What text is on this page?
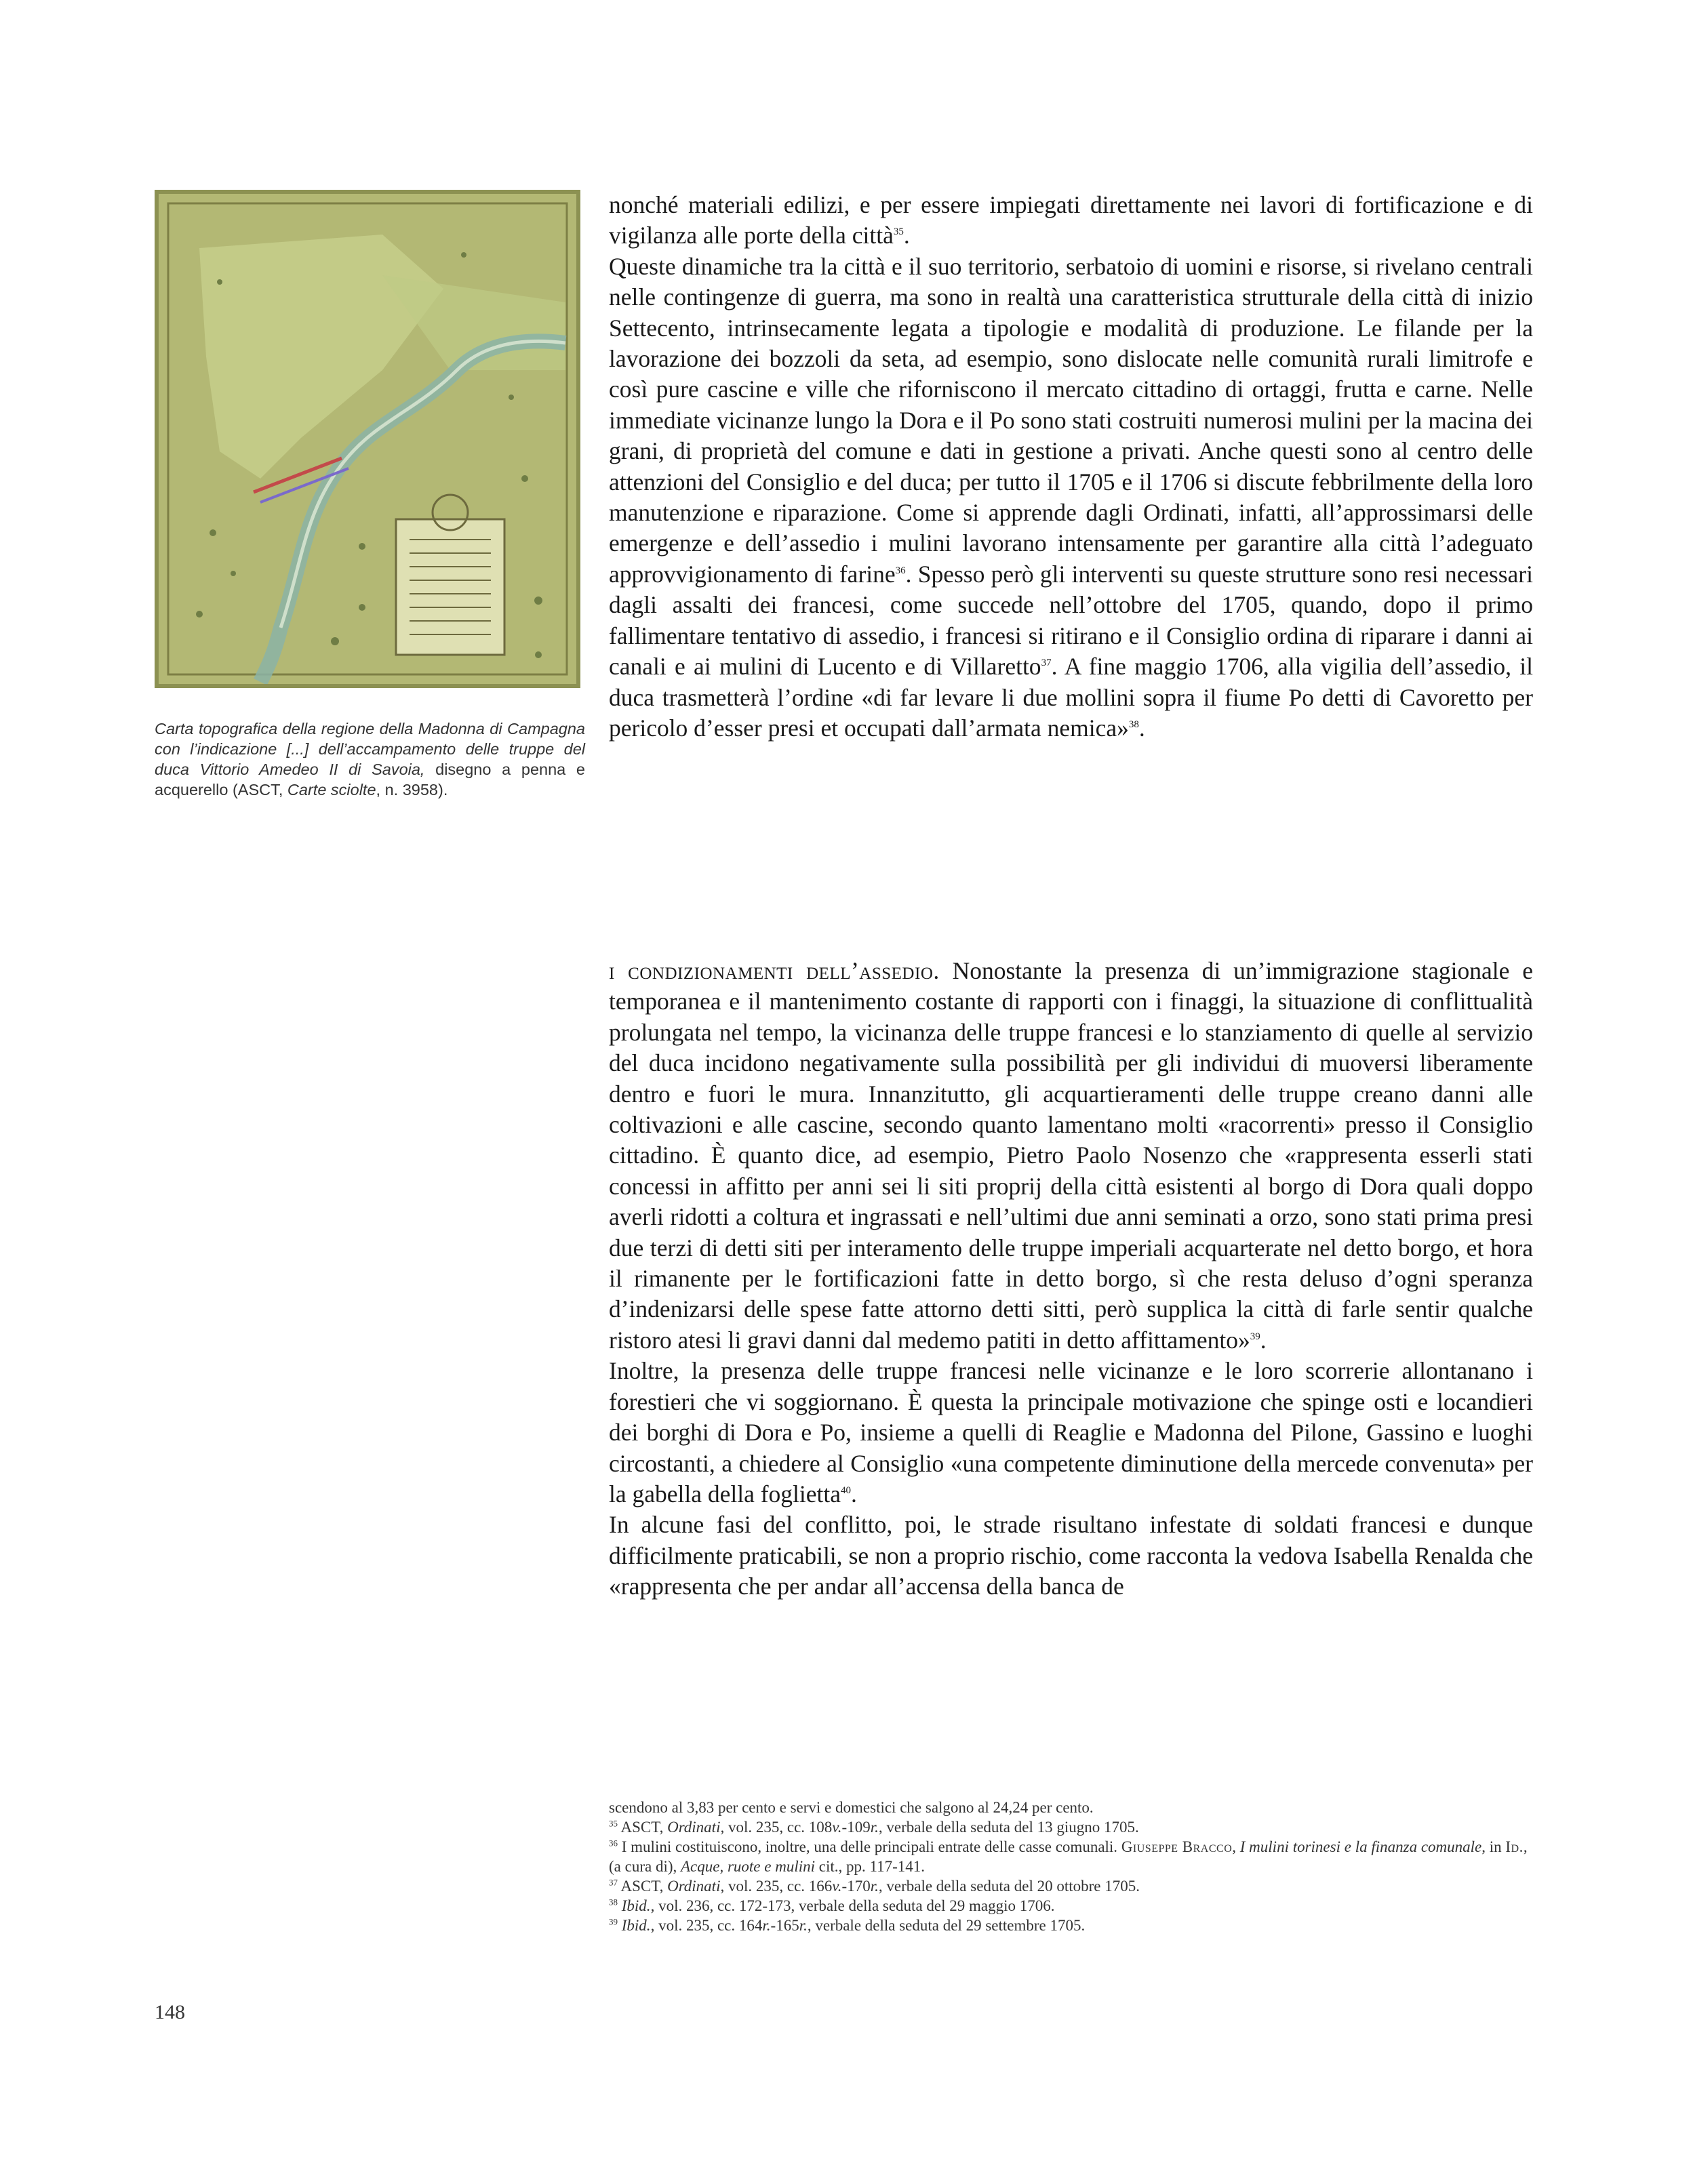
Carta topografica della regione della Madonna di Campagna con l’indicazione [...] dell’accampamento delle truppe del duca Vittorio Amedeo II di Savoia, disegno a penna e acquerello (ASCT, Carte sciolte, n. 3958).

nonché materiali edilizi, e per essere impiegati direttamente nei lavori di fortificazione e di vigilanza alle porte della città$^{35}$.

Queste dinamiche tra la città e il suo territorio, serbatoio di uomini e risorse, si rivelano centrali nelle contingenze di guerra, ma sono in realtà una caratteristica strutturale della città di inizio Settecento, intrinsecamente legata a tipologie e modalità di produzione. Le filande per la lavorazione dei bozzoli da seta, ad esempio, sono dislocate nelle comunità rurali limitrofe e così pure cascine e ville che riforniscono il mercato cittadino di ortaggi, frutta e carne. Nelle immediate vicinanze lungo la Dora e il Po sono stati costruiti numerosi mulini per la macina dei grani, di proprietà del comune e dati in gestione a privati. Anche questi sono al centro delle attenzioni del Consiglio e del duca; per tutto il 1705 e il 1706 si discute febbrilmente della loro manutenzione e riparazione. Come si apprende dagli Ordinati, infatti, all’approssimarsi delle emergenze e dell’assedio i mulini lavorano intensamente per garantire alla città l’adeguato approvvigionamento di farine$^{36}$. Spesso però gli interventi su queste strutture sono resi necessari dagli assalti dei francesi, come succede nell’ottobre del 1705, quando, dopo il primo fallimentare tentativo di assedio, i francesi si ritirano e il Consiglio ordina di riparare i danni ai canali e ai mulini di Lucento e di Villaretto$^{37}$. A fine maggio 1706, alla vigilia dell’assedio, il duca trasmetterà l’ordine «di far levare li due mollini sopra il fiume Po detti di Cavoretto per pericolo d’esser presi et occupati dall’armata nemica»$^{38}$.

i condizionamenti dell’assedio. Nonostante la presenza di un’immigrazione stagionale e temporanea e il mantenimento costante di rapporti con i finaggi, la situazione di conflittualità prolungata nel tempo, la vicinanza delle truppe francesi e lo stanziamento di quelle al servizio del duca incidono negativamente sulla possibilità per gli individui di muoversi liberamente dentro e fuori le mura. Innanzitutto, gli acquartieramenti delle truppe creano danni alle coltivazioni e alle cascine, secondo quanto lamentano molti «racorrenti» presso il Consiglio cittadino. È quanto dice, ad esempio, Pietro Paolo Nosenzo che «rappresenta esserli stati concessi in affitto per anni sei li siti proprij della città esistenti al borgo di Dora quali doppo averli ridotti a coltura et ingrassati e nell’ultimi due anni seminati a orzo, sono stati prima presi due terzi di detti siti per interamento delle truppe imperiali acquarterate nel detto borgo, et hora il rimanente per le fortificazioni fatte in detto borgo, sì che resta deluso d’ogni speranza d’indenizarsi delle spese fatte attorno detti sitti, però supplica la città di farle sentir qualche ristoro atesi li gravi danni dal medemo patiti in detto affittamento»$^{39}$.

Inoltre, la presenza delle truppe francesi nelle vicinanze e le loro scorrerie allontanano i forestieri che vi soggiornano. È questa la principale motivazione che spinge osti e locandieri dei borghi di Dora e Po, insieme a quelli di Reaglie e Madonna del Pilone, Gassino e luoghi circostanti, a chiedere al Consiglio «una competente diminutione della mercede convenuta» per la gabella della foglietta$^{40}$.

In alcune fasi del conflitto, poi, le strade risultano infestate di soldati francesi e dunque difficilmente praticabili, se non a proprio rischio, come racconta la vedova Isabella Renalda che «rappresenta che per andar all’accensa della banca de

scendono al 3,83 per cento e servi e domestici che salgono al 24,24 per cento.
$^{35}$ ASCT, Ordinati, vol. 235, cc. 108v.-109r., verbale della seduta del 13 giugno 1705.
$^{36}$ I mulini costituiscono, inoltre, una delle principali entrate delle casse comunali. Giuseppe Bracco, I mulini torinesi e la finanza comunale, in Id., (a cura di), Acque, ruote e mulini cit., pp. 117-141.
$^{37}$ ASCT, Ordinati, vol. 235, cc. 166v.-170r., verbale della seduta del 20 ottobre 1705.
$^{38}$ Ibid., vol. 236, cc. 172-173, verbale della seduta del 29 maggio 1706.
$^{39}$ Ibid., vol. 235, cc. 164r.-165r., verbale della seduta del 29 settembre 1705.
148
